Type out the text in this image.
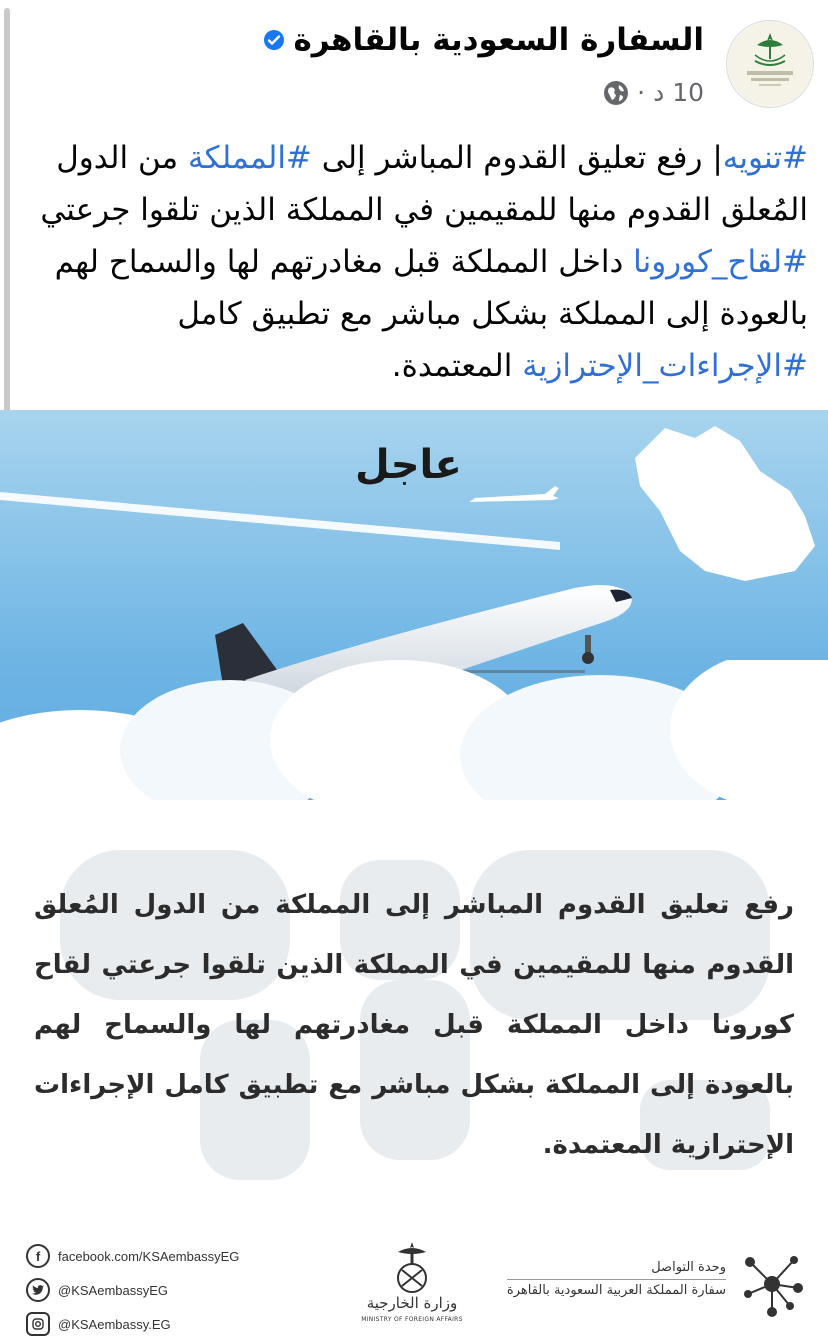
السفارة السعودية بالقاهرة
10 د
·
#تنويه| رفع تعليق القدوم المباشر إلى #المملكة من الدول المُعلق القدوم منها للمقيمين في المملكة الذين تلقوا جرعتي #لقاح_كورونا داخل المملكة قبل مغادرتهم لها والسماح لهم بالعودة إلى المملكة بشكل مباشر مع تطبيق كامل #الإجراءات_الإحترازية المعتمدة.
عاجل
رفع تعليق القدوم المباشر إلى المملكة من الدول المُعلق القدوم منها للمقيمين في المملكة الذين تلقوا جرعتي لقاح كورونا داخل المملكة قبل مغادرتهم لها والسماح لهم بالعودة إلى المملكة بشكل مباشر مع تطبيق كامل الإجراءات الإحترازية المعتمدة.
f	facebook.com/KSAembassyEG
@KSAembassyEG
@KSAembassy.EG
وزارة الخارجية
MINISTRY OF FOREIGN AFFAIRS
وحدة التواصل
سفارة المملكة العربية السعودية بالقاهرة
